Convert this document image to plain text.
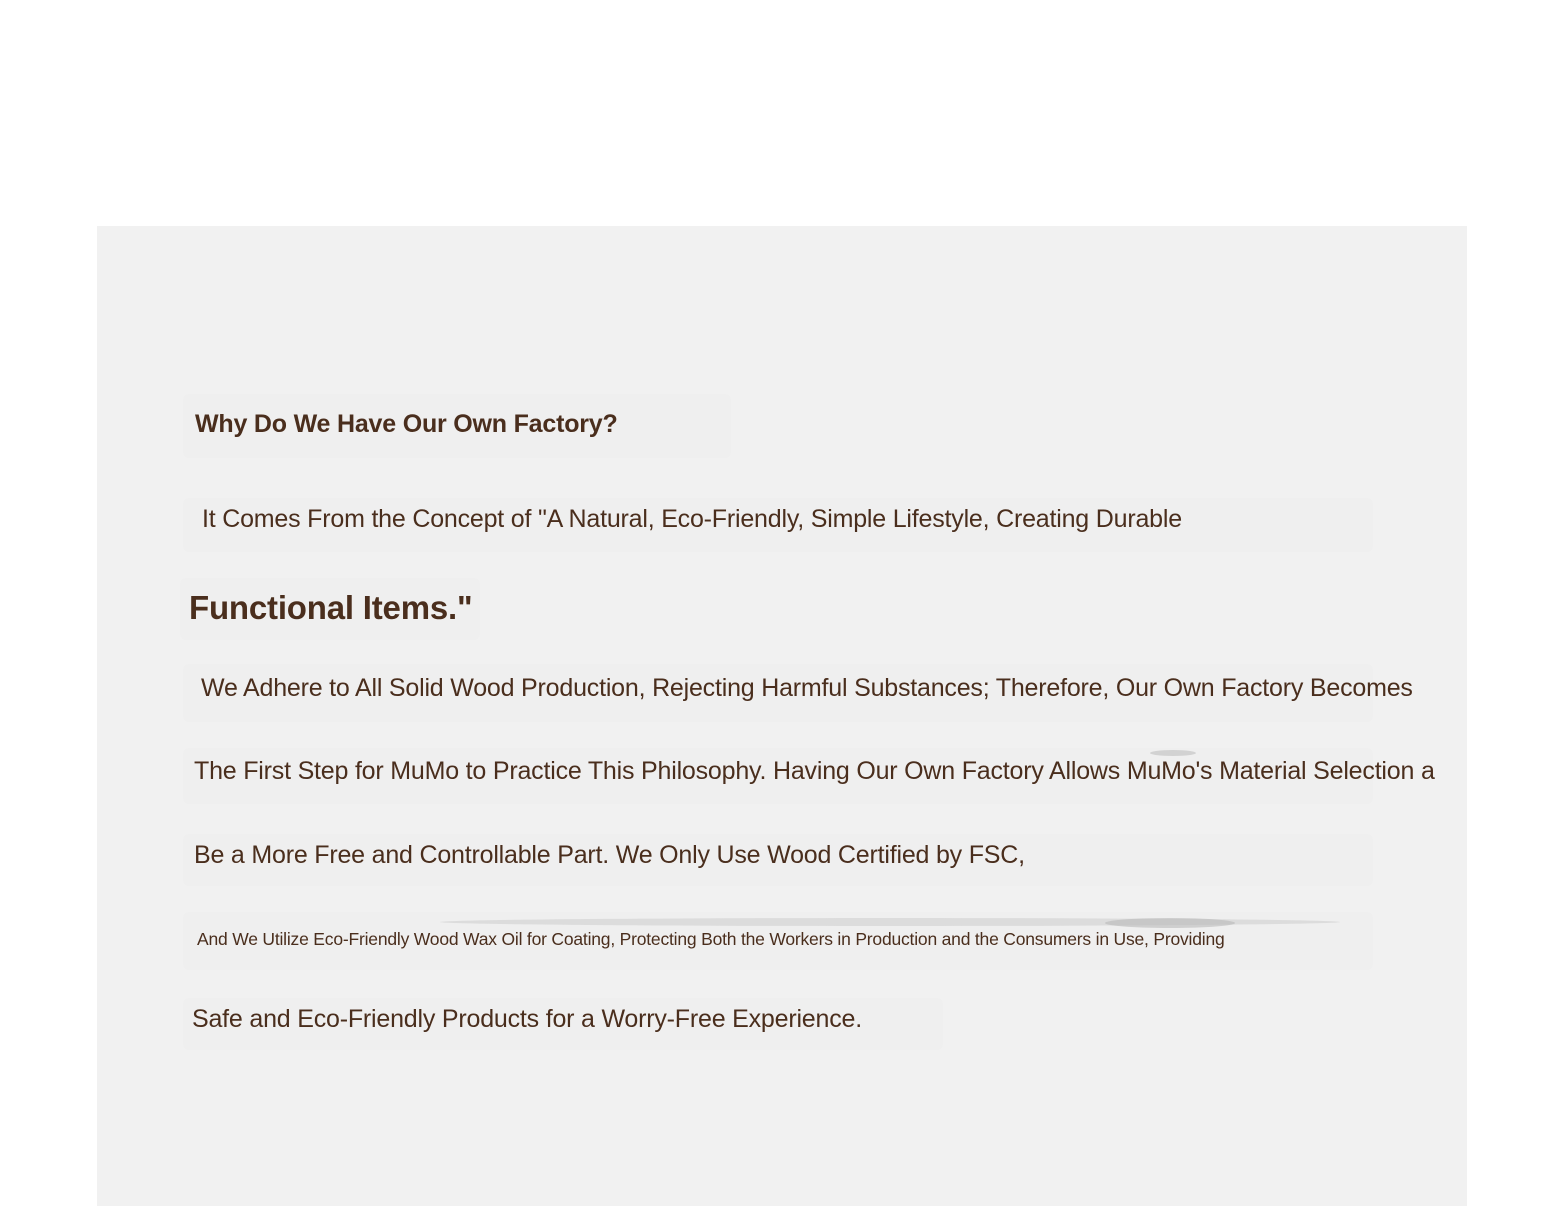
Why Do We Have Our Own Factory?

It Comes From the Concept of "A Natural, Eco-Friendly, Simple Lifestyle, Creating Durable

Functional Items."

We Adhere to All Solid Wood Production, Rejecting Harmful Substances; Therefore, Our Own Factory Becomes

The First Step for MuMo to Practice This Philosophy. Having Our Own Factory Allows MuMo's Material Selection a

Be a More Free and Controllable Part. We Only Use Wood Certified by FSC,

And We Utilize Eco-Friendly Wood Wax Oil for Coating, Protecting Both the Workers in Production and the Consumers in Use, Providing

Safe and Eco-Friendly Products for a Worry-Free Experience.
